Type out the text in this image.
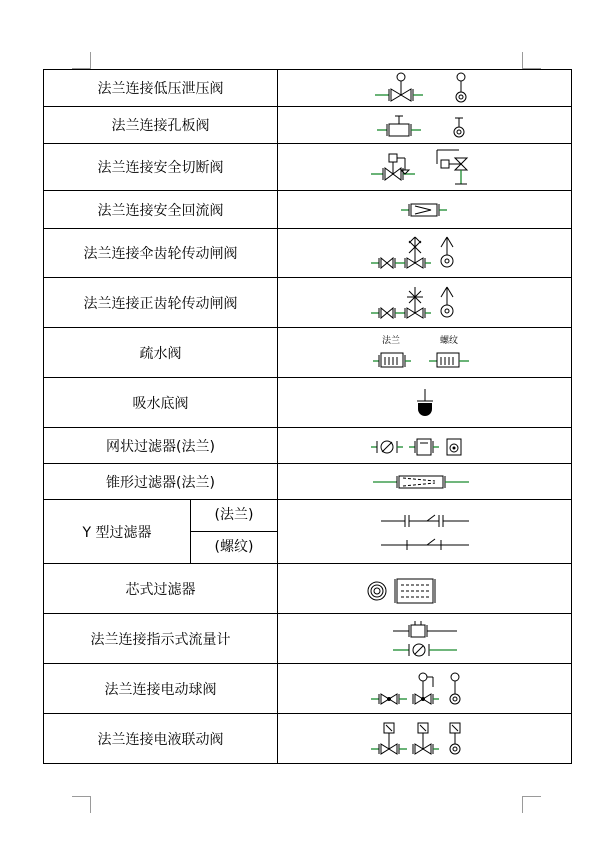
法兰连接低压泄压阀	

法兰连接孔板阀	

法兰连接安全切断阀	

法兰连接安全回流阀	

法兰连接伞齿轮传动闸阀	

法兰连接正齿轮传动闸阀	

疏水阀		法兰 螺纹

吸水底阀	

网状过滤器(法兰)	

锥形过滤器(法兰)	

Y 型过滤器	(法兰)	

	(螺纹)	
芯式过滤器	

法兰连接指示式流量计	

法兰连接电动球阀	

法兰连接电液联动阀	
